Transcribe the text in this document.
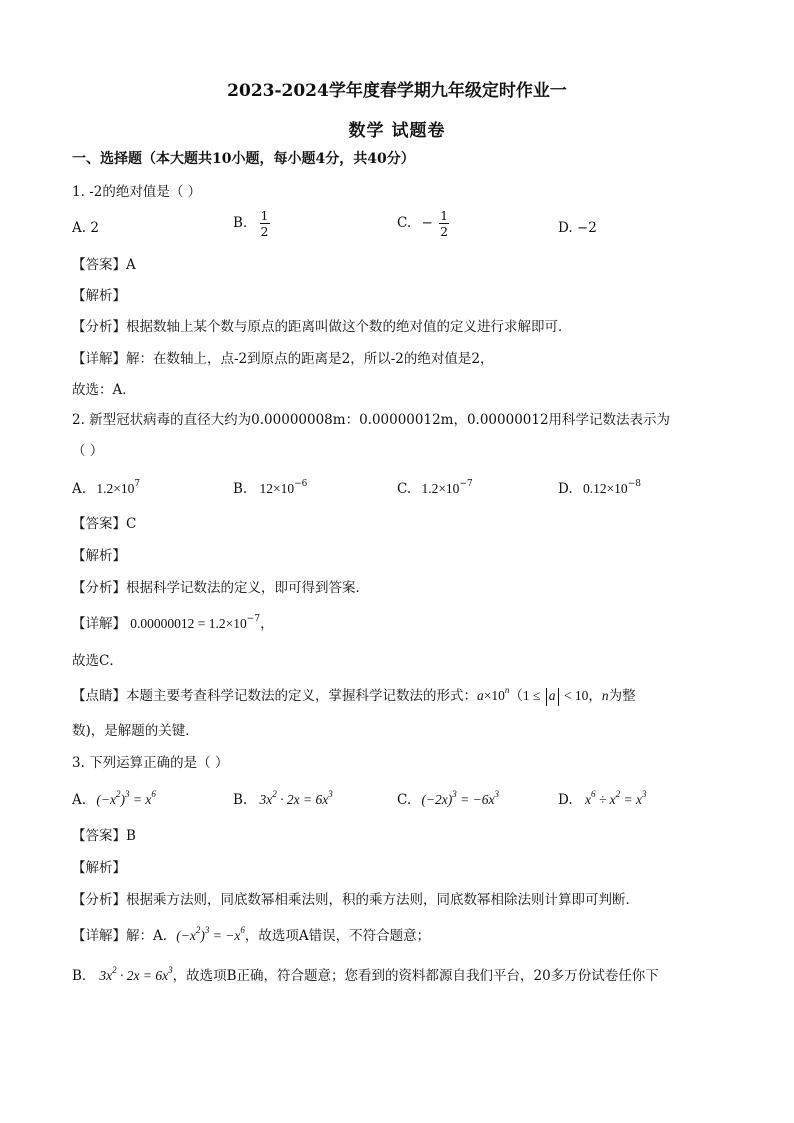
2023-2024学年度春学期九年级定时作业一
数学 试题卷
一、选择题（本大题共10小题，每小题4分，共40分）
1. -2的绝对值是（ ）
A. 2	B. $\frac{1}{2}$	C. − $\frac{1}{2}$	D. −2
【答案】A
【解析】
【分析】根据数轴上某个数与原点的距离叫做这个数的绝对值的定义进行求解即可．
【详解】解：在数轴上，点-2到原点的距离是2，所以-2的绝对值是2，
故选：A．
2. 新型冠状病毒的直径大约为0.00000008m：0.00000012m，0.00000012用科学记数法表示为
（ ）
A. $1.2\times 10^7$	B. $12\times 10^{-6}$	C. $1.2\times 10^{-7}$	D. $0.12\times 10^{-8}$
【答案】C
【解析】
【分析】根据科学记数法的定义，即可得到答案．
【详解】 $0.00000012 = 1.2\times 10^{-7}$，
故选C．
【点睛】本题主要考查科学记数法的定义，掌握科学记数法的形式：$a\times 10^n(1 \le a < 10$，n为整
数)，是解题的关键．
3. 下列运算正确的是（ ）
A. $(-x^2)^3 = x^6$	B. $3x^2 \cdot 2x = 6x^3$	C. $(-2x)^3 = -6x^3$	D. $x^6 \div x^2 = x^3$
【答案】B
【解析】
【分析】根据乘方法则，同底数幂相乘法则，积的乘方法则，同底数幂相除法则计算即可判断．
【详解】解：A．$(-x^2)^3 = -x^6$，故选项A错误，不符合题意；
B． $3x^2 \cdot 2x = 6x^3$，故选项B正确，符合题意；您看到的资料都源自我们平台，20多万份试卷任你下
